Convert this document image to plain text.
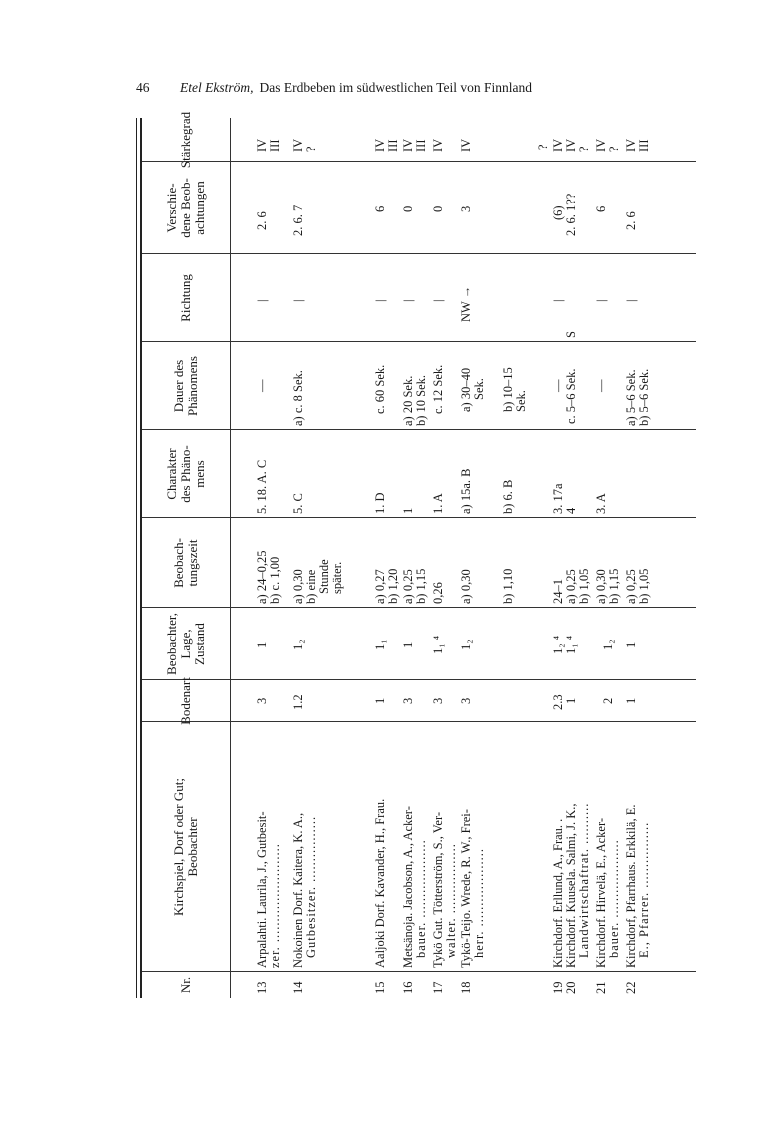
46	Etel Ekström, Das Erdbeben im südwestlichen Teil von Finnland
Nr.
Kirchspiel, Dorf oder Gut; Beobachter
Bodenart
Beobachter, Lage, Zustand
Beobach- tungszeit
Charakter des Phäno- mens
Dauer des Phänomens
Richtung
Verschie- dene Beob- achtungen
Stärkegrad
13
Arpalahti. Laurila, J., Gutbesit- zer. ........................
3
1
a) 24–0,25 b) c. 1,00
5. 18. A. C
—
|
2. 6
IV III
14
Nokoinen Dorf. Kaitera, K. A., Gutbesitzer. ................
1.2
1₂
a) 0,30 b) eine Stunde später.
5. C
a) c. 8 Sek.
|
2. 6. 7
IV ?
15
Aaljoki Dorf. Kavander, H., Frau.
1
1₁
a) 0,27 b) 1,20
1. D
c. 60 Sek.
|
6
IV III
16
Metsänoja. Jacobson, A., Acker- bauer. ...................
3
1
a) 0,25 b) 1,15
1
a) 20 Sek. b) 10 Sek.
|
0
IV III
17
Tykö Gut. Tötterström, S., Ver- walter. .................
3
1₁ ⁴
0,26
1. A
c. 12 Sek.
|
0
IV
18
Tykö-Teijo. Wrede, R. W., Frei- herr. ...................
3
1₂
a) 0,30 b) 1,10
a) 15a. B b) 6. B
a) 30–40 Sek. b) 10–15 Sek.
NW →
3
IV	?
19
Kirchdorf. Erllund, A., Frau. .
2.3
1₂ ⁴
24–1
3. 17a
—
|
(6)
IV
20
Kirchdorf. Kuusela. Salmi, J. K., Landwirtschaftrat. ..........
1
1₁ ⁴
a) 0,25 b) 1,05
4
c. 5–6 Sek.
S
2. 6. 1??
IV ?
21
Kirchdorf. Hirvelä, E., Acker- bauer. ...................
2
1₂
a) 0,30 b) 1,15
3. A
—
|
6
IV ?
22
Kirchdorf, Pfarrhaus. Erkkilä, E. E., Pfarrer. ................
1
1
a) 0,25 b) 1,05
a) 5–6 Sek. b) 5–6 Sek.
|
2. 6
IV III
